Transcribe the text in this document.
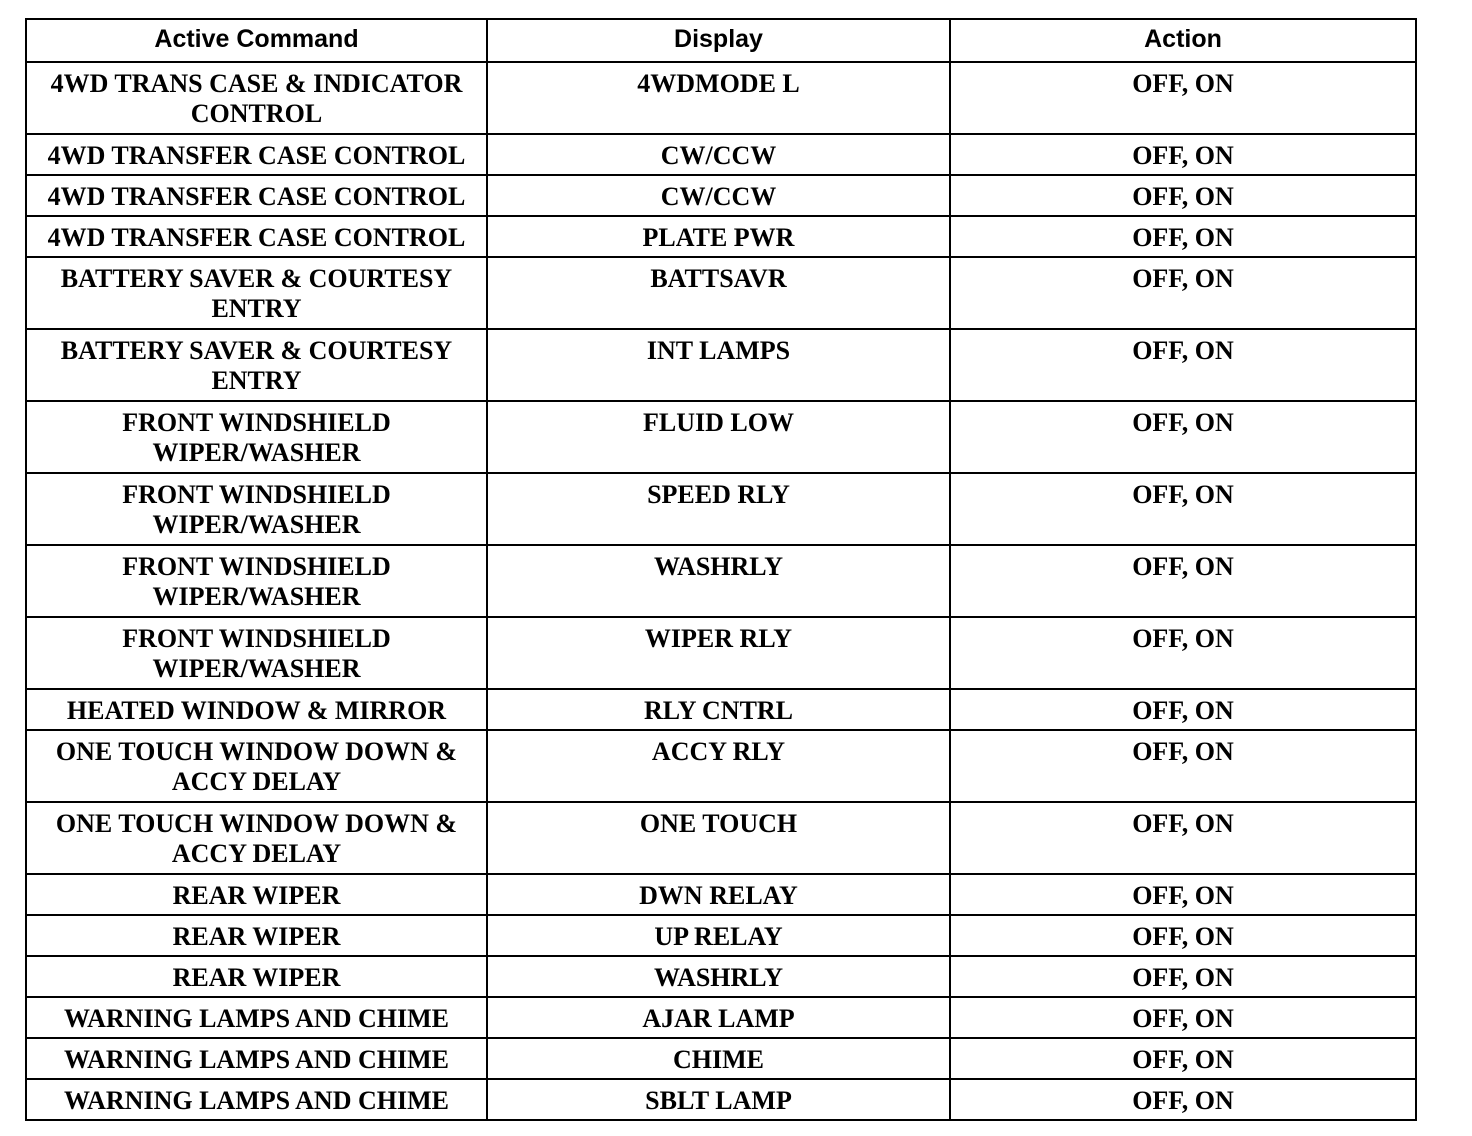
Active Command	Display	Action
4WD TRANS CASE & INDICATOR CONTROL	4WDMODE L	OFF, ON
4WD TRANSFER CASE CONTROL	CW/CCW	OFF, ON
4WD TRANSFER CASE CONTROL	CW/CCW	OFF, ON
4WD TRANSFER CASE CONTROL	PLATE PWR	OFF, ON
BATTERY SAVER & COURTESY ENTRY	BATTSAVR	OFF, ON
BATTERY SAVER & COURTESY ENTRY	INT LAMPS	OFF, ON
FRONT WINDSHIELD WIPER/WASHER	FLUID LOW	OFF, ON
FRONT WINDSHIELD WIPER/WASHER	SPEED RLY	OFF, ON
FRONT WINDSHIELD WIPER/WASHER	WASHRLY	OFF, ON
FRONT WINDSHIELD WIPER/WASHER	WIPER RLY	OFF, ON
HEATED WINDOW & MIRROR	RLY CNTRL	OFF, ON
ONE TOUCH WINDOW DOWN & ACCY DELAY	ACCY RLY	OFF, ON
ONE TOUCH WINDOW DOWN & ACCY DELAY	ONE TOUCH	OFF, ON
REAR WIPER	DWN RELAY	OFF, ON
REAR WIPER	UP RELAY	OFF, ON
REAR WIPER	WASHRLY	OFF, ON
WARNING LAMPS AND CHIME	AJAR LAMP	OFF, ON
WARNING LAMPS AND CHIME	CHIME	OFF, ON
WARNING LAMPS AND CHIME	SBLT LAMP	OFF, ON
